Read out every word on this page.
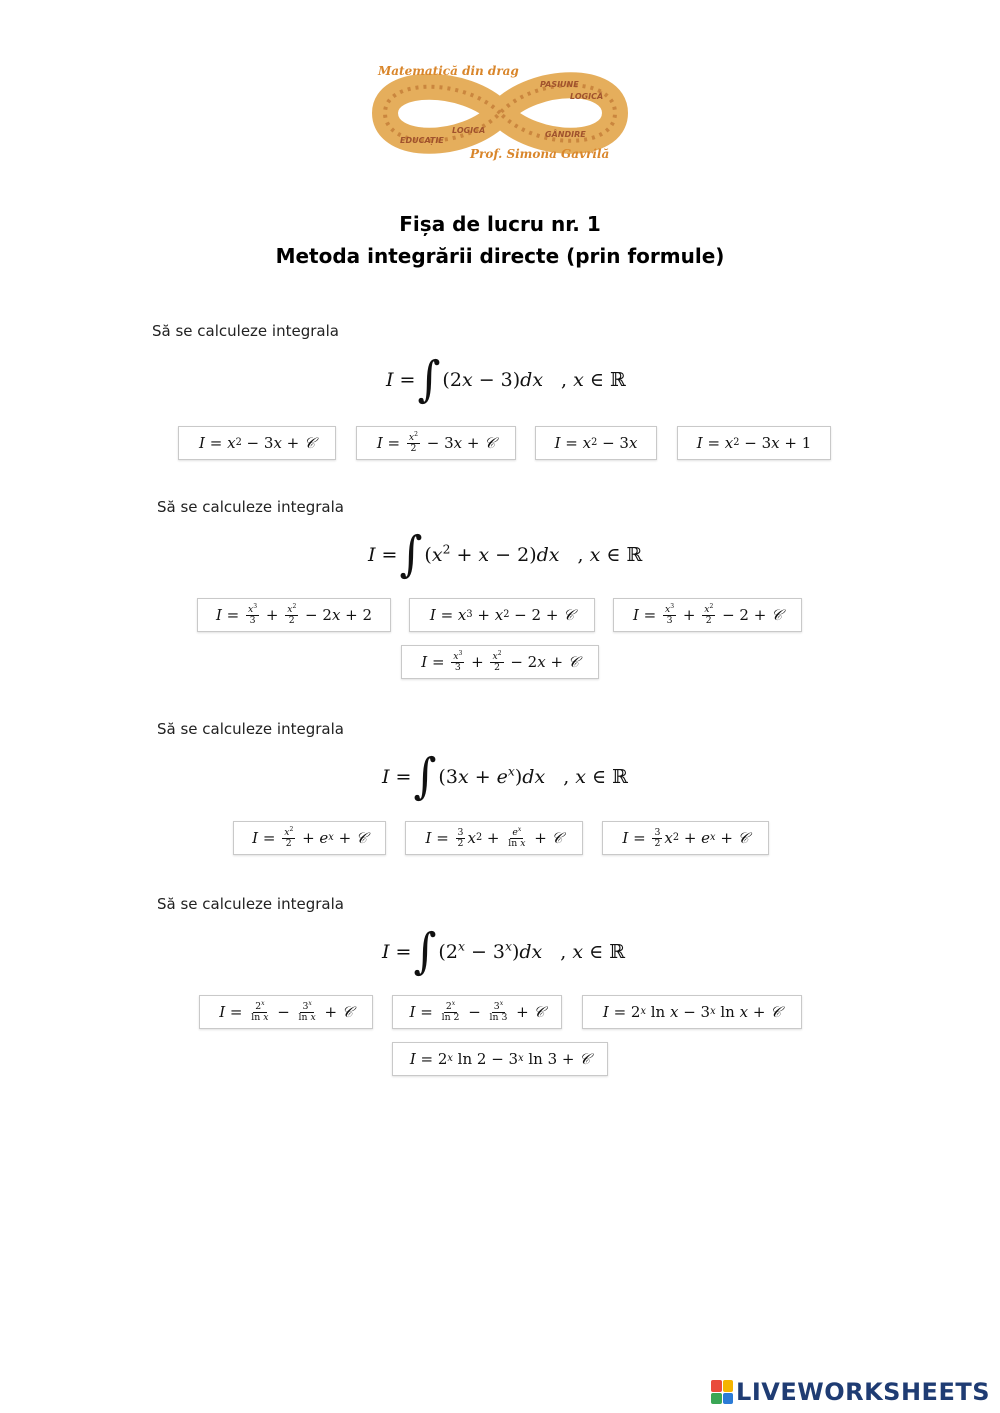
Matematică din drag
PASIUNE
LOGICĂ
EDUCAȚIE
GÂNDIRE
LOGICA
Prof. Simona Gavrilă
Fișa de lucru nr. 1
Metoda integrării directe (prin formule)
Să se calculeze integrala
I = ∫ (2x − 3)dx , x ∈ ℝ
I = x 2 − 3 x + 𝒞	$I = \frac{x^2}{2} - 3$ x + 𝒞	I = x 2 − 3 x	I = x 2 − 3 x + 1
Să se calculeze integrala
I = ∫ $(x^2 + x - 2)dx$ , x ∈ ℝ
$I = \frac{x^3}{3} + \frac{x^2}{2} - 2$ x + 2	I = x 3 + x 2 − 2 + 𝒞	$I = \frac{x^3}{3} + \frac{x^2}{2} - 2$ + 𝒞
$I = \frac{x^3}{3} + \frac{x^2}{2} - 2$ x + 𝒞
Să se calculeze integrala
I = ∫ $(3x + e^x)dx$ , x ∈ ℝ
$I = \frac{x^2}{2} + e$ x + 𝒞	$I = \frac{3}{2}$ x $2 + \frac{e^x}{\text{ln x}}$ + 𝒞	$I = \frac{3}{2}$ x 2 + e x + 𝒞
Să se calculeze integrala
I = ∫ $(2^x - 3^x)dx$ , x ∈ ℝ
$I = \frac{2^x}{\text{ln x}} - \frac{3^x}{\text{ln x}}$ + 𝒞	$I = \frac{2^x}{\ln 2} - \frac{3^x}{\ln 3}$ + 𝒞	I = 2 x ln x − 3 x ln x + 𝒞
I = 2 x ln 2 − 3 x ln 3 + 𝒞
LIVEWORKSHEETS
